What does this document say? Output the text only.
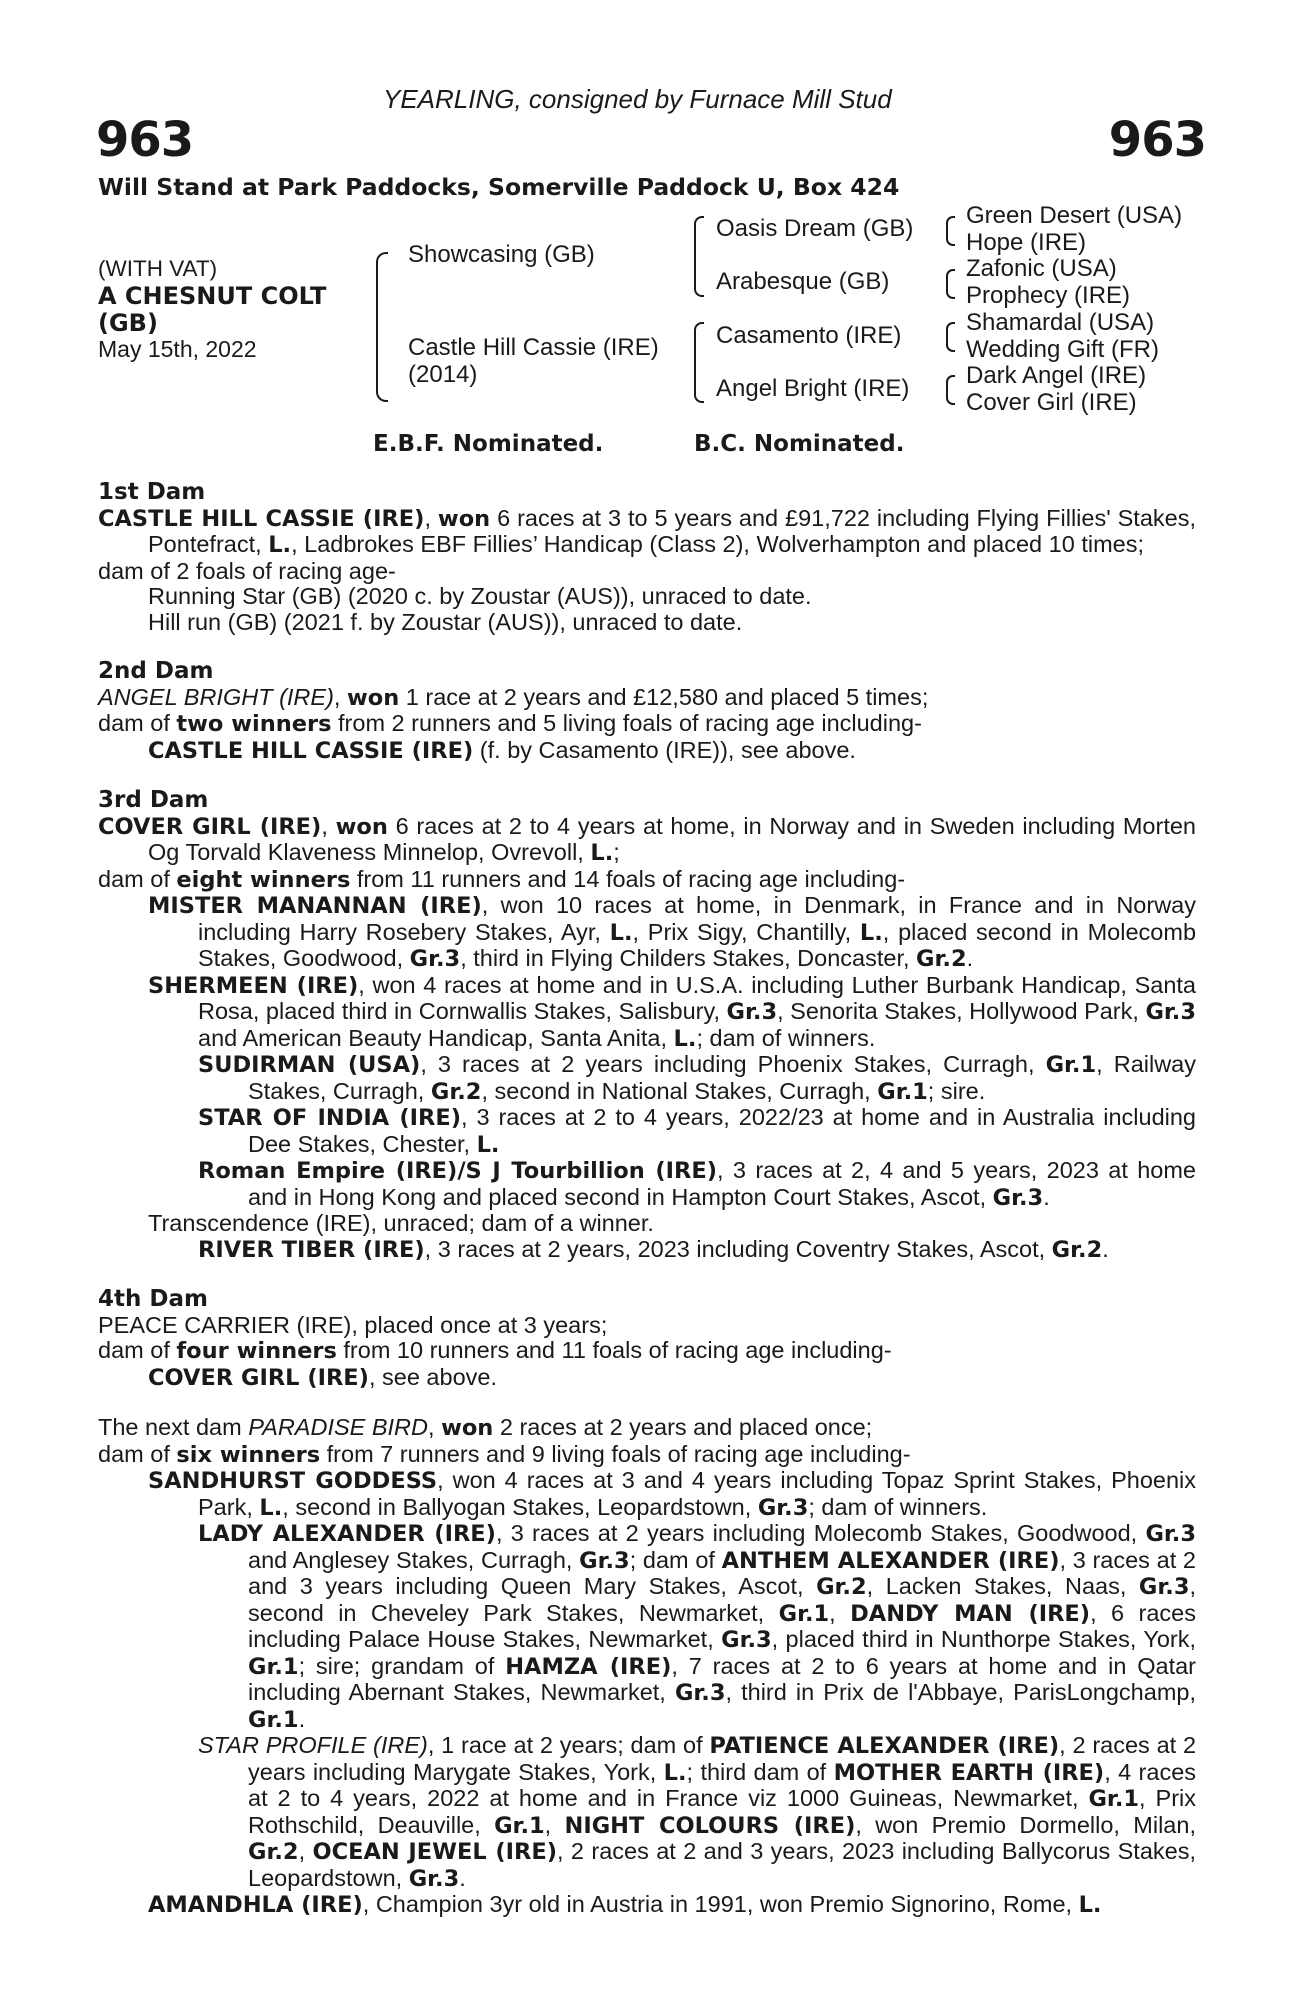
YEARLING, consigned by Furnace Mill Stud
963	963
Will Stand at Park Paddocks, Somerville Paddock U, Box 424
(WITH VAT)
A CHESNUT COLT
(GB)
May 15th, 2022
Showcasing (GB)
Castle Hill Cassie (IRE)
(2014)
Oasis Dream (GB)
Arabesque (GB)
Casamento (IRE)
Angel Bright (IRE)
Green Desert (USA)
Hope (IRE)
Zafonic (USA)
Prophecy (IRE)
Shamardal (USA)
Wedding Gift (FR)
Dark Angel (IRE)
Cover Girl (IRE)
E.B.F. Nominated.	B.C. Nominated.
1st Dam
CASTLE HILL CASSIE (IRE), won 6 races at 3 to 5 years and £91,722 including Flying Fillies' Stakes, Pontefract, L., Ladbrokes EBF Fillies’ Handicap (Class 2), Wolverhampton and placed 10 times;
dam of 2 foals of racing age-
Running Star (GB) (2020 c. by Zoustar (AUS)), unraced to date.
Hill run (GB) (2021 f. by Zoustar (AUS)), unraced to date.
2nd Dam
ANGEL BRIGHT (IRE), won 1 race at 2 years and £12,580 and placed 5 times;
dam of two winners from 2 runners and 5 living foals of racing age including-
CASTLE HILL CASSIE (IRE) (f. by Casamento (IRE)), see above.
3rd Dam
COVER GIRL (IRE), won 6 races at 2 to 4 years at home, in Norway and in Sweden including Morten Og Torvald Klaveness Minnelop, Ovrevoll, L.;
dam of eight winners from 11 runners and 14 foals of racing age including-
MISTER MANANNAN (IRE), won 10 races at home, in Denmark, in France and in Norway including Harry Rosebery Stakes, Ayr, L., Prix Sigy, Chantilly, L., placed second in Molecomb Stakes, Goodwood, Gr.3, third in Flying Childers Stakes, Doncaster, Gr.2.
SHERMEEN (IRE), won 4 races at home and in U.S.A. including Luther Burbank Handicap, Santa Rosa, placed third in Cornwallis Stakes, Salisbury, Gr.3, Senorita Stakes, Hollywood Park, Gr.3 and American Beauty Handicap, Santa Anita, L.; dam of winners.
SUDIRMAN (USA), 3 races at 2 years including Phoenix Stakes, Curragh, Gr.1, Railway Stakes, Curragh, Gr.2, second in National Stakes, Curragh, Gr.1; sire.
STAR OF INDIA (IRE), 3 races at 2 to 4 years, 2022/23 at home and in Australia including Dee Stakes, Chester, L.
Roman Empire (IRE)/S J Tourbillion (IRE), 3 races at 2, 4 and 5 years, 2023 at home and in Hong Kong and placed second in Hampton Court Stakes, Ascot, Gr.3.
Transcendence (IRE), unraced; dam of a winner.
RIVER TIBER (IRE), 3 races at 2 years, 2023 including Coventry Stakes, Ascot, Gr.2.
4th Dam
PEACE CARRIER (IRE), placed once at 3 years;
dam of four winners from 10 runners and 11 foals of racing age including-
COVER GIRL (IRE), see above.
The next dam PARADISE BIRD, won 2 races at 2 years and placed once;
dam of six winners from 7 runners and 9 living foals of racing age including-
SANDHURST GODDESS, won 4 races at 3 and 4 years including Topaz Sprint Stakes, Phoenix Park, L., second in Ballyogan Stakes, Leopardstown, Gr.3; dam of winners.
LADY ALEXANDER (IRE), 3 races at 2 years including Molecomb Stakes, Goodwood, Gr.3 and Anglesey Stakes, Curragh, Gr.3; dam of ANTHEM ALEXANDER (IRE), 3 races at 2 and 3 years including Queen Mary Stakes, Ascot, Gr.2, Lacken Stakes, Naas, Gr.3, second in Cheveley Park Stakes, Newmarket, Gr.1, DANDY MAN (IRE), 6 races including Palace House Stakes, Newmarket, Gr.3, placed third in Nunthorpe Stakes, York, Gr.1; sire; grandam of HAMZA (IRE), 7 races at 2 to 6 years at home and in Qatar including Abernant Stakes, Newmarket, Gr.3, third in Prix de l'Abbaye, ParisLongchamp, Gr.1.
STAR PROFILE (IRE), 1 race at 2 years; dam of PATIENCE ALEXANDER (IRE), 2 races at 2 years including Marygate Stakes, York, L.; third dam of MOTHER EARTH (IRE), 4 races at 2 to 4 years, 2022 at home and in France viz 1000 Guineas, Newmarket, Gr.1, Prix Rothschild, Deauville, Gr.1, NIGHT COLOURS (IRE), won Premio Dormello, Milan, Gr.2, OCEAN JEWEL (IRE), 2 races at 2 and 3 years, 2023 including Ballycorus Stakes, Leopardstown, Gr.3.
AMANDHLA (IRE), Champion 3yr old in Austria in 1991, won Premio Signorino, Rome, L.
